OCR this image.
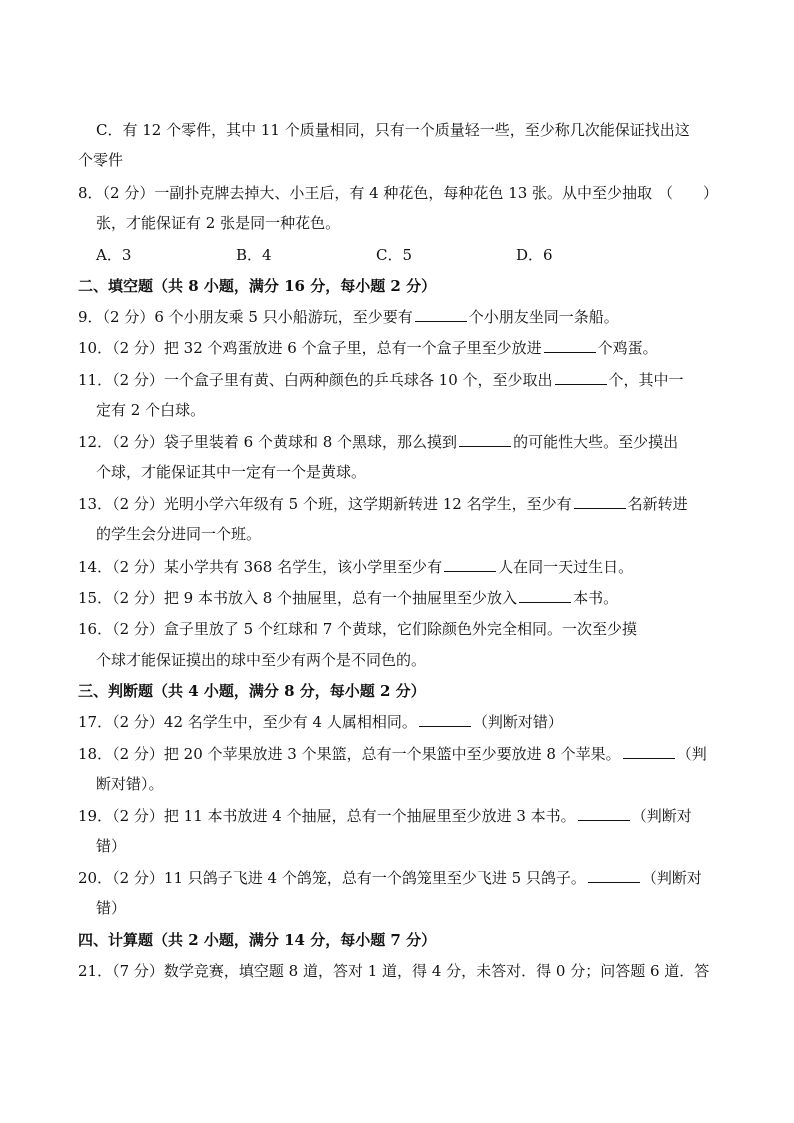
C．有 12 个零件，其中 11 个质量相同，只有一个质量轻一些，至少称几次能保证找出这
个零件
8．（2 分）一副扑克牌去掉大、小王后，有 4 种花色，每种花色 13 张。从中至少抽取 （　　）
张，才能保证有 2 张是同一种花色。
A．3	B．4	C．5	D．6
二、填空题（共 8 小题，满分 16 分，每小题 2 分）
9．（2 分）6 个小朋友乘 5 只小船游玩，至少要有	个小朋友坐同一条船。
10．（2 分）把 32 个鸡蛋放进 6 个盒子里，总有一个盒子里至少放进	个鸡蛋。
11．（2 分）一个盒子里有黄、白两种颜色的乒乓球各 10 个，至少取出	个，其中一
定有 2 个白球。
12．（2 分）袋子里装着 6 个黄球和 8 个黑球，那么摸到	的可能性大些。至少摸出
个球，才能保证其中一定有一个是黄球。
13．（2 分）光明小学六年级有 5 个班，这学期新转进 12 名学生，至少有	名新转进
的学生会分进同一个班。
14．（2 分）某小学共有 368 名学生，该小学里至少有	人在同一天过生日。
15．（2 分）把 9 本书放入 8 个抽屉里，总有一个抽屉里至少放入	本书。
16．（2 分）盒子里放了 5 个红球和 7 个黄球，它们除颜色外完全相同。一次至少摸
个球才能保证摸出的球中至少有两个是不同色的。
三、判断题（共 4 小题，满分 8 分，每小题 2 分）
17．（2 分）42 名学生中，至少有 4 人属相相同。	（判断对错）
18．（2 分）把 20 个苹果放进 3 个果篮，总有一个果篮中至少要放进 8 个苹果。	（判
断对错）。
19．（2 分）把 11 本书放进 4 个抽屉，总有一个抽屉里至少放进 3 本书。	（判断对
错）
20．（2 分）11 只鸽子飞进 4 个鸽笼，总有一个鸽笼里至少飞进 5 只鸽子。	（判断对
错）
四、计算题（共 2 小题，满分 14 分，每小题 7 分）
21．（7 分）数学竞赛，填空题 8 道，答对 1 道，得 4 分，未答对．得 0 分；问答题 6 道．答
